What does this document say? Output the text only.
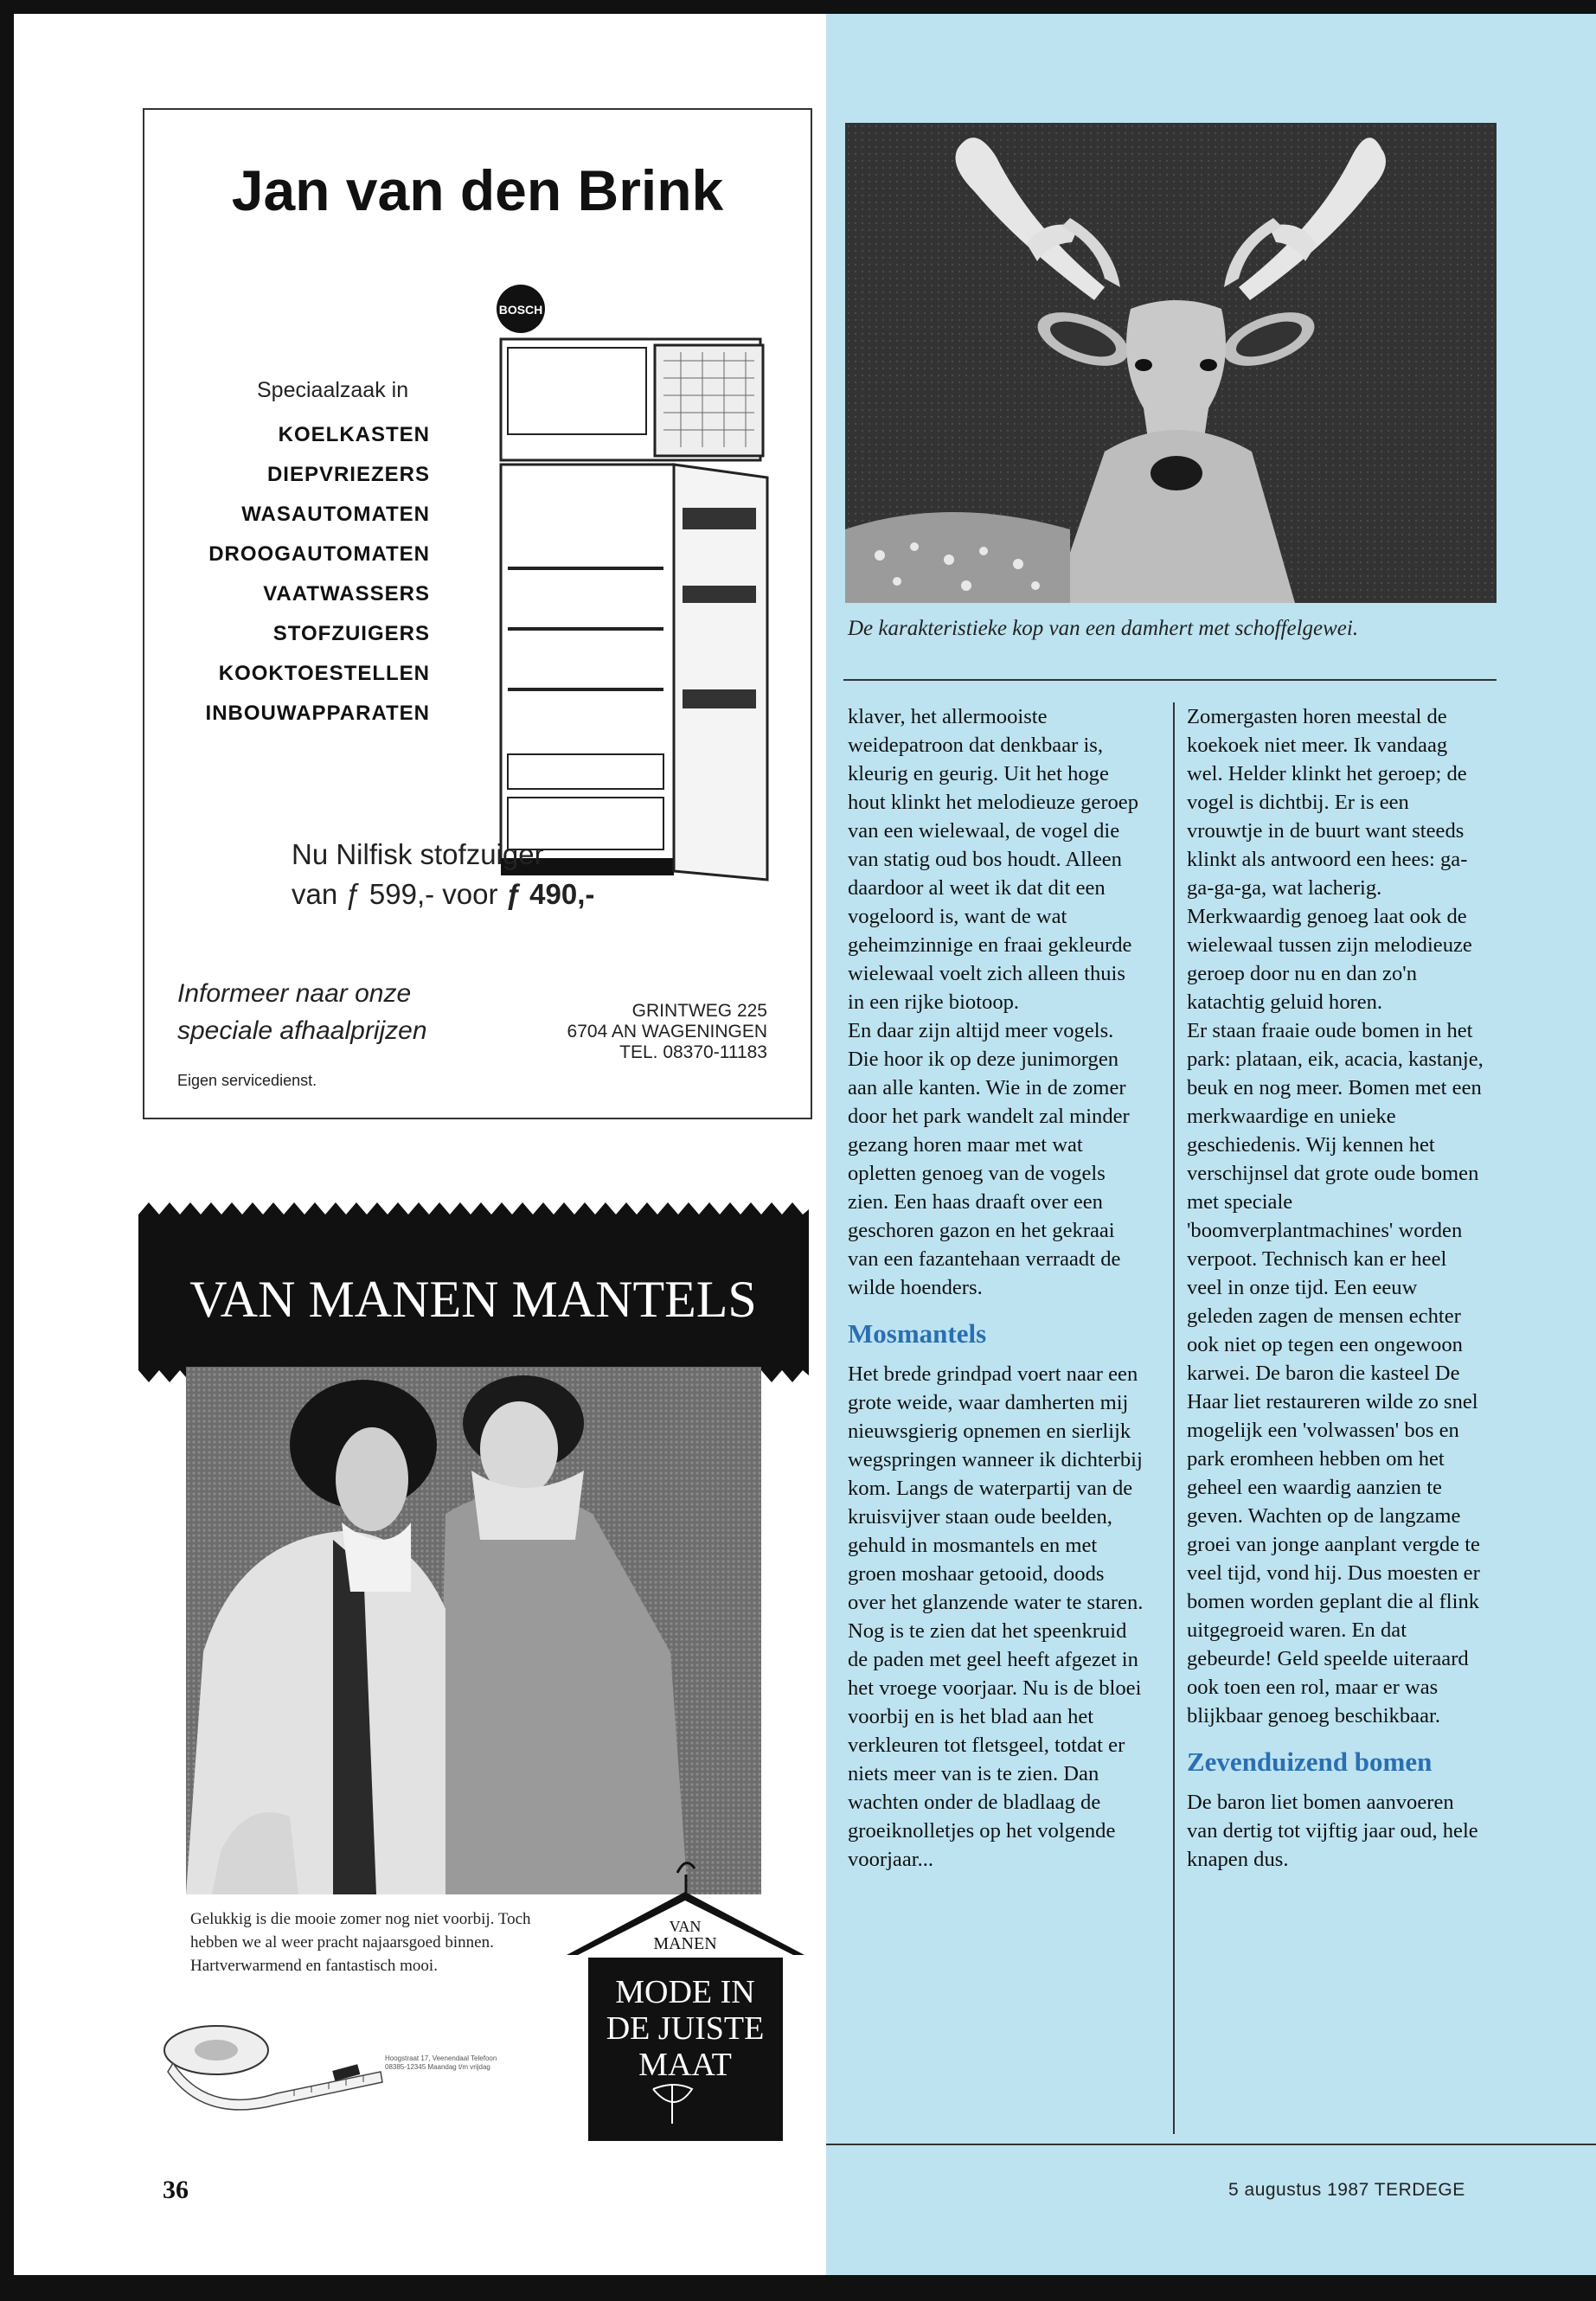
Jan van den Brink
BOSCH
Speciaalzaak in
KOELKASTEN
DIEPVRIEZERS
WASAUTOMATEN
DROOGAUTOMATEN
VAATWASSERS
STOFZUIGERS
KOOKTOESTELLEN
INBOUWAPPARATEN
Nu Nilfisk stofzuiger
van ƒ 599,- voor ƒ 490,-
Informeer naar onze
speciale afhaalprijzen
GRINTWEG 225
6704 AN WAGENINGEN
TEL. 08370-11183
Eigen servicedienst.
VAN MANEN MANTELS
Gelukkig is die mooie zomer nog niet voorbij. Toch hebben we al weer pracht najaarsgoed binnen. Hartverwarmend en fantastisch mooi.
VAN
MANEN
MODE IN
DE JUISTE
MAAT
Hoogstraat 17, Veenendaal Telefoon 08385-12345 Maandag t/m vrijdag
De karakteristieke kop van een damhert met schoffelgewei.

klaver, het allermooiste weidepatroon dat denkbaar is, kleurig en geurig. Uit het hoge hout klinkt het melodieuze geroep van een wielewaal, de vogel die van statig oud bos houdt. Alleen daardoor al weet ik dat dit een vogeloord is, want de wat geheimzinnige en fraai gekleurde wielewaal voelt zich alleen thuis in een rijke biotoop.

En daar zijn altijd meer vogels. Die hoor ik op deze junimorgen aan alle kanten. Wie in de zomer door het park wandelt zal minder gezang horen maar met wat opletten genoeg van de vogels zien. Een haas draaft over een geschoren gazon en het gekraai van een fazantehaan verraadt de wilde hoenders.

Mosmantels

Het brede grindpad voert naar een grote weide, waar damherten mij nieuwsgierig opnemen en sierlijk wegspringen wanneer ik dichterbij kom. Langs de waterpartij van de kruisvijver staan oude beelden, gehuld in mosmantels en met groen moshaar getooid, doods over het glanzende water te staren. Nog is te zien dat het speenkruid de paden met geel heeft afgezet in het vroege voorjaar. Nu is de bloei voorbij en is het blad aan het verkleuren tot fletsgeel, totdat er niets meer van is te zien. Dan wachten onder de bladlaag de groeiknolletjes op het volgende voorjaar...

Zomergasten horen meestal de koekoek niet meer. Ik vandaag wel. Helder klinkt het geroep; de vogel is dichtbij. Er is een vrouwtje in de buurt want steeds klinkt als antwoord een hees: ga-ga-ga-ga, wat lacherig. Merkwaardig genoeg laat ook de wielewaal tussen zijn melodieuze geroep door nu en dan zo'n katachtig geluid horen.

Er staan fraaie oude bomen in het park: plataan, eik, acacia, kastanje, beuk en nog meer. Bomen met een merkwaardige en unieke geschiedenis. Wij kennen het verschijnsel dat grote oude bomen met speciale 'boomverplantmachines' worden verpoot. Technisch kan er heel veel in onze tijd. Een eeuw geleden zagen de mensen echter ook niet op tegen een ongewoon karwei. De baron die kasteel De Haar liet restaureren wilde zo snel mogelijk een 'volwassen' bos en park eromheen hebben om het geheel een waardig aanzien te geven. Wachten op de langzame groei van jonge aanplant vergde te veel tijd, vond hij. Dus moesten er bomen worden geplant die al flink uitgegroeid waren. En dat gebeurde! Geld speelde uiteraard ook toen een rol, maar er was blijkbaar genoeg beschikbaar.

Zevenduizend bomen

De baron liet bomen aanvoeren van dertig tot vijftig jaar oud, hele knapen dus.

36	5 augustus 1987 TERDEGE
